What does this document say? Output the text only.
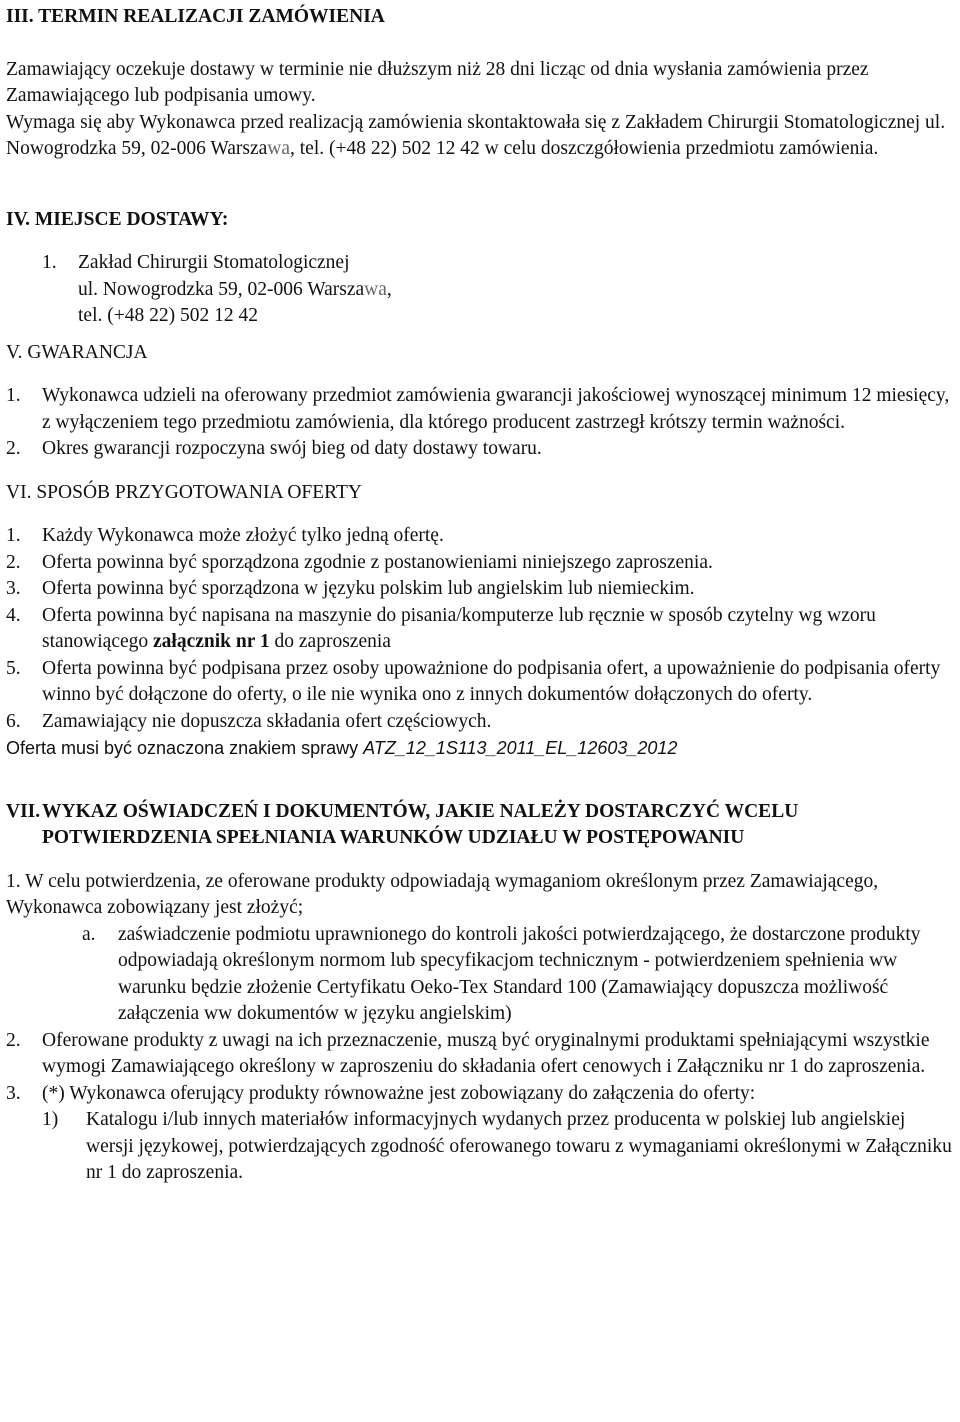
III. TERMIN REALIZACJI ZAMÓWIENIA

Zamawiający oczekuje dostawy w terminie nie dłuższym niż 28 dni licząc od dnia wysłania zamówienia przez Zamawiającego lub podpisania umowy.

Wymaga się aby Wykonawca przed realizacją zamówienia skontaktowała się z Zakładem Chirurgii Stomatologicznej ul. Nowogrodzka 59, 02-006 Warszawa, tel. (+48 22) 502 12 42 w celu doszczgółowienia przedmiotu zamówienia.

IV. MIEJSCE DOSTAWY:

1.	Zakład Chirurgii Stomatologicznej

ul. Nowogrodzka 59, 02-006 Warszawa,

tel. (+48 22) 502 12 42

V. GWARANCJA

1.	Wykonawca udzieli na oferowany przedmiot zamówienia gwarancji jakościowej wynoszącej minimum 12 miesięcy, z wyłączeniem tego przedmiotu zamówienia, dla którego producent zastrzegł krótszy termin ważności.
2.	Okres gwarancji rozpoczyna swój bieg od daty dostawy towaru.

VI. SPOSÓB PRZYGOTOWANIA OFERTY

1.	Każdy Wykonawca może złożyć tylko jedną ofertę.
2.	Oferta powinna być sporządzona zgodnie z postanowieniami niniejszego zaproszenia.
3.	Oferta powinna być sporządzona w języku polskim lub angielskim lub niemieckim.
4.	Oferta powinna być napisana na maszynie do pisania/komputerze lub ręcznie w sposób czytelny wg wzoru stanowiącego załącznik nr 1 do zaproszenia
5.	Oferta powinna być podpisana przez osoby upoważnione do podpisania ofert, a upoważnienie do podpisania oferty winno być dołączone do oferty, o ile nie wynika ono z innych dokumentów dołączonych do oferty.
6.	Zamawiający nie dopuszcza składania ofert częściowych.

Oferta musi być oznaczona znakiem sprawy ATZ_12_1S113_2011_EL_12603_2012

VII. WYKAZ OŚWIADCZEŃ I DOKUMENTÓW, JAKIE NALEŻY DOSTARCZYĆ WCELU POTWIERDZENIA SPEŁNIANIA WARUNKÓW UDZIAŁU W POSTĘPOWANIU

1. W celu potwierdzenia, ze oferowane produkty odpowiadają wymaganiom określonym przez Zamawiającego, Wykonawca zobowiązany jest złożyć;

a.	zaświadczenie podmiotu uprawnionego do kontroli jakości potwierdzającego, że dostarczone produkty odpowiadają określonym normom lub specyfikacjom technicznym - potwierdzeniem spełnienia ww warunku będzie złożenie Certyfikatu Oeko-Tex Standard 100 (Zamawiający dopuszcza możliwość załączenia ww dokumentów w języku angielskim)
2.	Oferowane produkty z uwagi na ich przeznaczenie, muszą być oryginalnymi produktami spełniającymi wszystkie wymogi Zamawiającego określony w zaproszeniu do składania ofert cenowych i Załączniku nr 1 do zaproszenia.
3.	(*) Wykonawca oferujący produkty równoważne jest zobowiązany do załączenia do oferty:
1)	Katalogu i/lub innych materiałów informacyjnych wydanych przez producenta w polskiej lub angielskiej wersji językowej, potwierdzających zgodność oferowanego towaru z wymaganiami określonymi w Załączniku nr 1 do zaproszenia.
